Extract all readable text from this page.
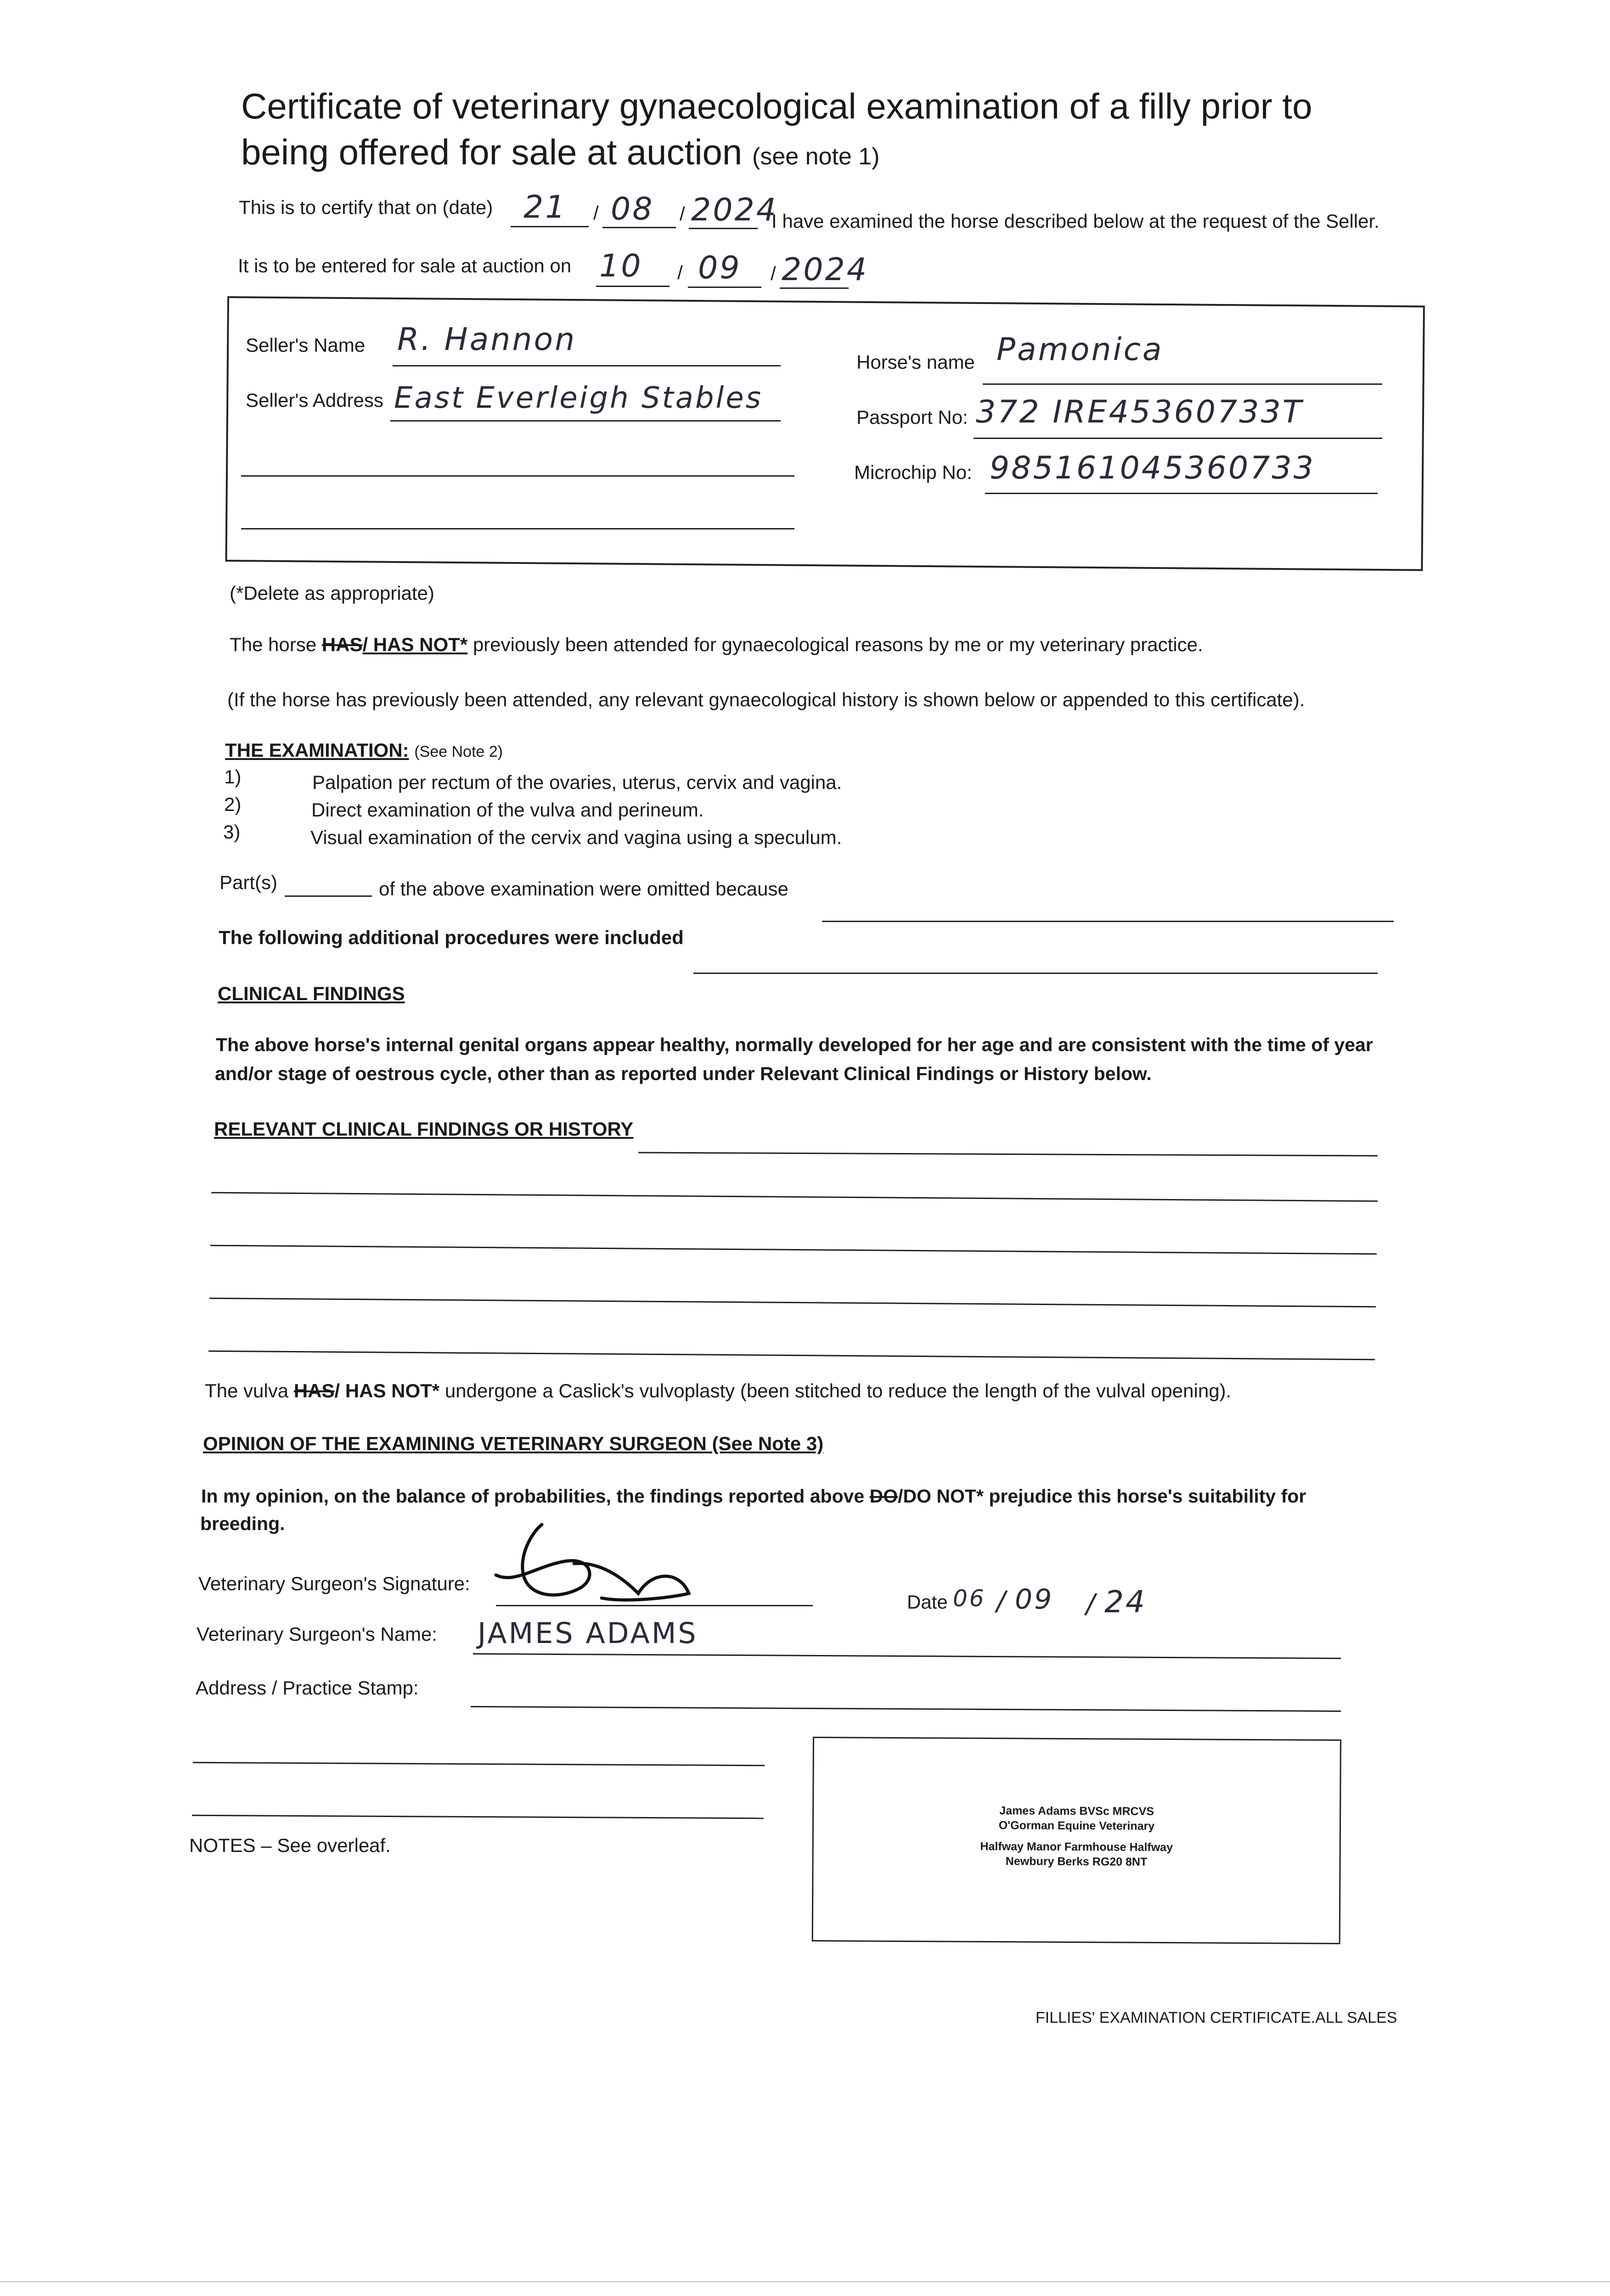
Certificate of veterinary gynaecological examination of a filly prior to
being offered for sale at auction (see note 1)
This is to certify that on (date) 21 / 08 / 2024
I have examined the horse described below at the request of the Seller.
It is to be entered for sale at auction on 10 / 09 / 2024
Seller's Name R. Hannon
Seller's Address East Everleigh Stables
Horse's name Pamonica
Passport No: 372 IRE45360733T
Microchip No: 985161045360733
(*Delete as appropriate)
The horse HAS/ HAS NOT* previously been attended for gynaecological reasons by me or my veterinary practice.
(If the horse has previously been attended, any relevant gynaecological history is shown below or appended to this certificate).
THE EXAMINATION: (See Note 2)
1)	Palpation per rectum of the ovaries, uterus, cervix and vagina.
2)	Direct examination of the vulva and perineum.
3)	Visual examination of the cervix and vagina using a speculum.
Part(s)	of the above examination were omitted because
The following additional procedures were included
CLINICAL FINDINGS
The above horse's internal genital organs appear healthy, normally developed for her age and are consistent with the time of year
and/or stage of oestrous cycle, other than as reported under Relevant Clinical Findings or History below.
RELEVANT CLINICAL FINDINGS OR HISTORY
The vulva HAS/ HAS NOT* undergone a Caslick's vulvoplasty (been stitched to reduce the length of the vulval opening).
OPINION OF THE EXAMINING VETERINARY SURGEON (See Note 3)
In my opinion, on the balance of probabilities, the findings reported above DO/DO NOT* prejudice this horse's suitability for
breeding.
Veterinary Surgeon's Signature:
Date 06 / 09 / 24
Veterinary Surgeon's Name: JAMES ADAMS
Address / Practice Stamp:
James Adams BVSc MRCVS
O'Gorman Equine Veterinary
Halfway Manor Farmhouse Halfway
Newbury Berks RG20 8NT
NOTES – See overleaf.
FILLIES' EXAMINATION CERTIFICATE.ALL SALES
